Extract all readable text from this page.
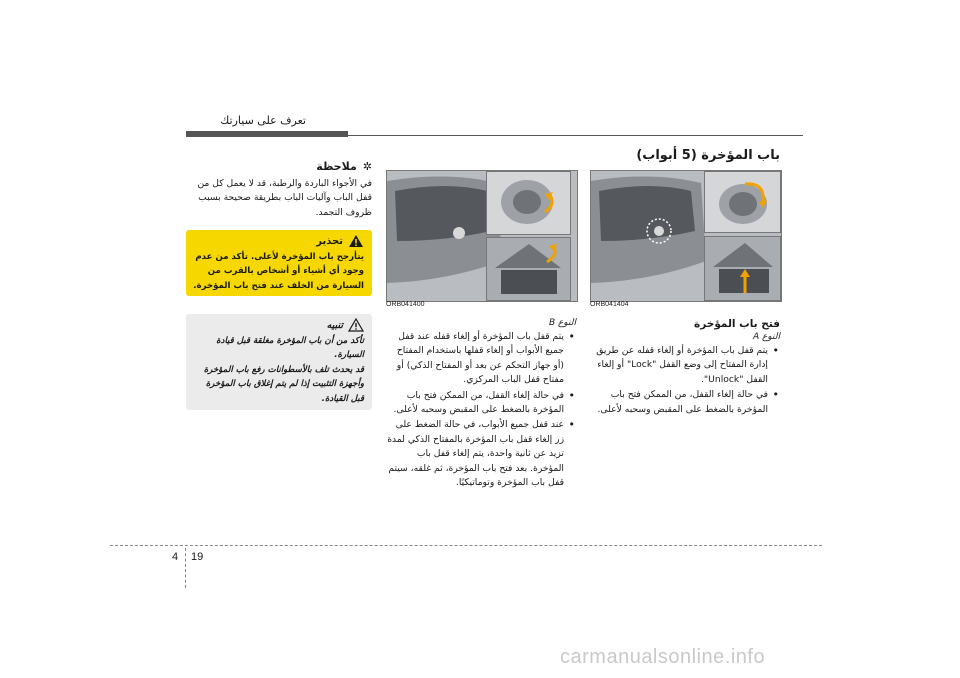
تعرف على سيارتك
باب المؤخرة (5 أبواب)
ORB041404
ORB041400
فتح باب المؤخرة
النوع A
• يتم قفل باب المؤخرة أو إلغاء قفله عن طريق إدارة المفتاح إلى وضع القفل "Lock" أو إلغاء القفل "Unlock".
• في حالة إلغاء القفل، من الممكن فتح باب المؤخرة بالضغط على المقبض وسحبه لأعلى.
النوع B
• يتم قفل باب المؤخرة أو إلغاء قفله عند قفل جميع الأبواب أو إلغاء قفلها باستخدام المفتاح (أو جهاز التحكم عن بعد أو المفتاح الذكي) أو مفتاح قفل الباب المركزي.
• في حالة إلغاء القفل، من الممكن فتح باب المؤخرة بالضغط على المقبض وسحبه لأعلى.
• عند قفل جميع الأبواب، في حالة الضغط على زر إلغاء قفل باب المؤخرة بالمفتاح الذكي لمدة تزيد عن ثانية واحدة، يتم إلغاء قفل باب المؤخرة. بعد فتح باب المؤخرة، ثم غلقه، سيتم قفل باب المؤخرة وتوماتيكيًا.
✲
ملاحظة
في الأجواء الباردة والرطبة، قد لا يعمل كل من قفل الباب وآليات الباب بطريقة صحيحة بسبب ظروف التجمد.
تحذير
يتأرجح باب المؤخرة لأعلى. تأكد من عدم وجود أي أشياء أو أشخاص بالقرب من السيارة من الخلف عند فتح باب المؤخرة.
تنبيه
تأكد من أن باب المؤخرة مغلقة قبل قيادة السيارة.
قد يحدث تلف بالأسطوانات رفع باب المؤخرة وأجهزة التثبيت إذا لم يتم إغلاق باب المؤخرة قبل القيادة.
4 19
carmanualsonline.info
